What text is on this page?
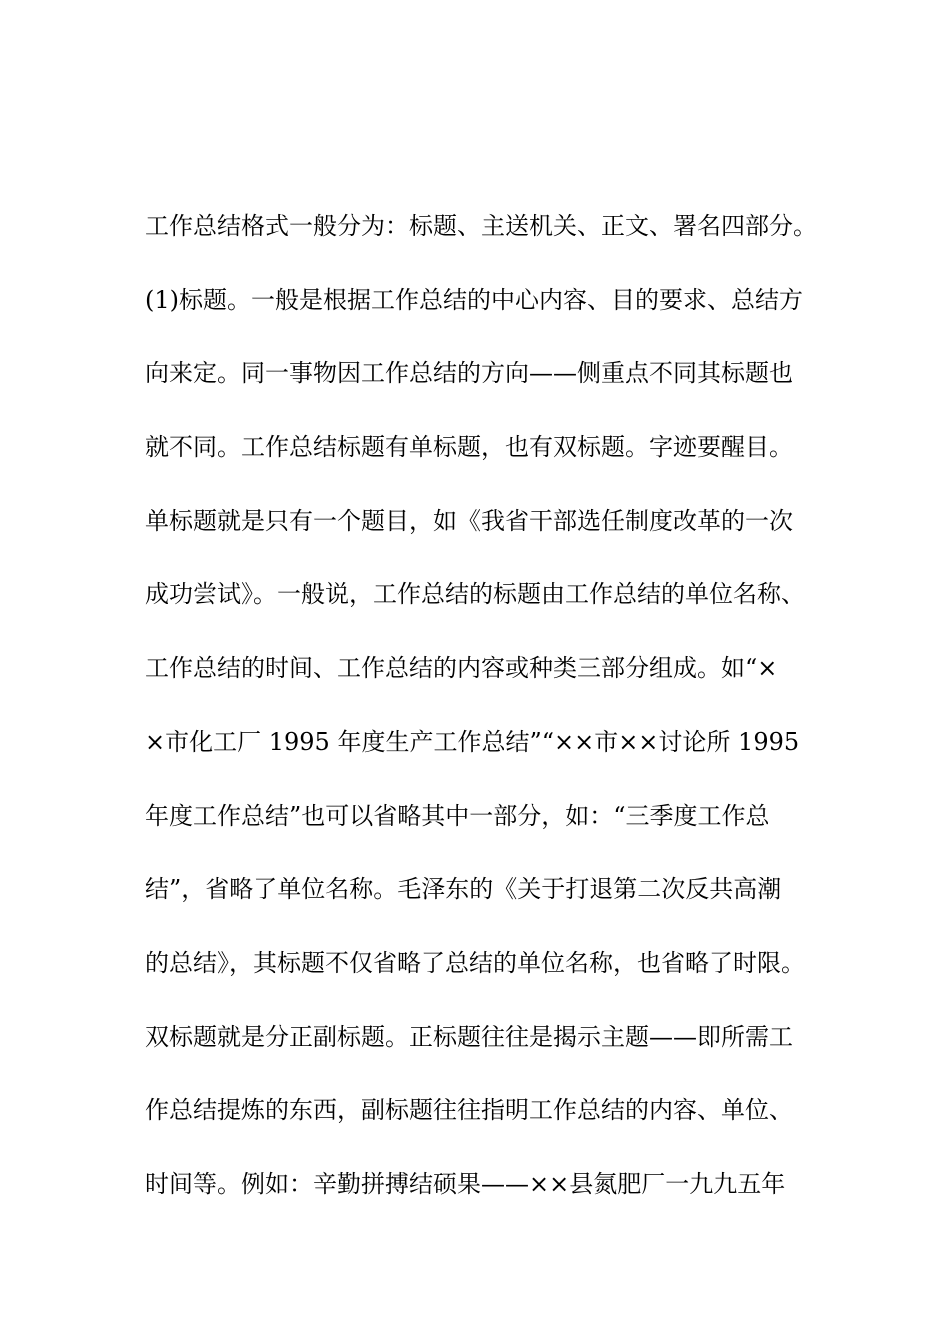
工作总结格式一般分为：标题、主送机关、正文、署名四部分。
(1)标题。一般是根据工作总结的中心内容、目的要求、总结方
向来定。同一事物因工作总结的方向——侧重点不同其标题也
就不同。工作总结标题有单标题，也有双标题。字迹要醒目。
单标题就是只有一个题目，如《我省干部选任制度改革的一次
成功尝试》。一般说，工作总结的标题由工作总结的单位名称、
工作总结的时间、工作总结的内容或种类三部分组成。如“×
×市化工厂 1995 年度生产工作总结”“××市××讨论所 1995
年度工作总结”也可以省略其中一部分，如：“三季度工作总
结”，省略了单位名称。毛泽东的《关于打退第二次反共高潮
的总结》，其标题不仅省略了总结的单位名称，也省略了时限。
双标题就是分正副标题。正标题往往是揭示主题——即所需工
作总结提炼的东西，副标题往往指明工作总结的内容、单位、
时间等。例如：辛勤拼搏结硕果——××县氮肥厂一九九五年
